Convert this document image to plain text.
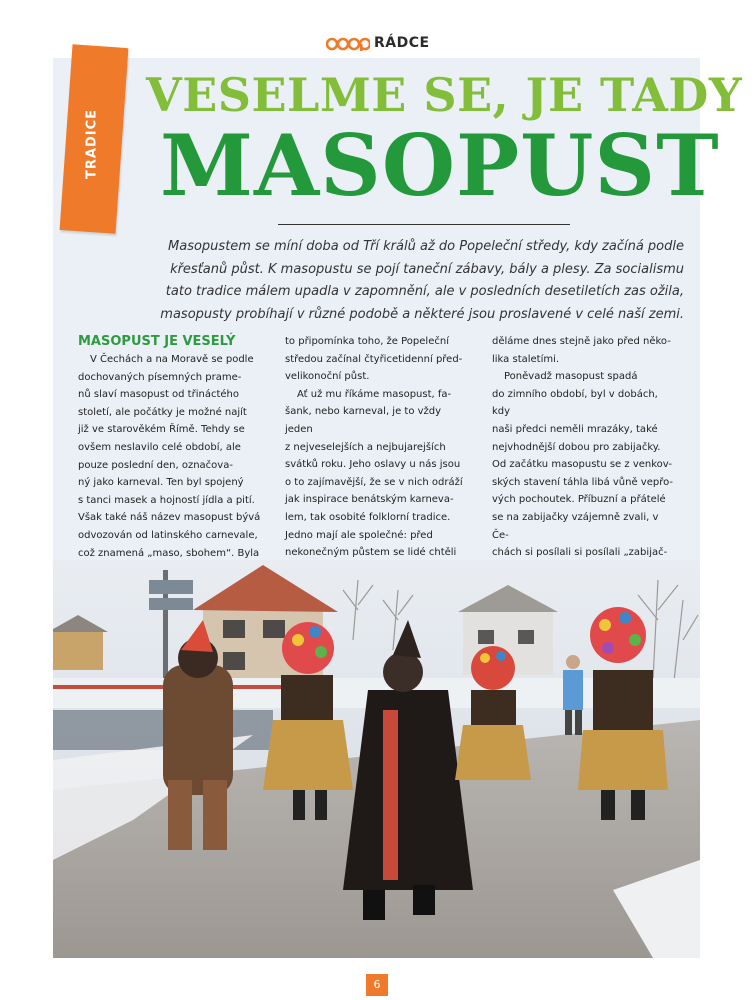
RÁDCE
TRADICE
VESELME SE, JE TADY
MASOPUST
Masopustem se míní doba od Tří králů až do Popeleční středy, kdy začíná podle
křesťanů půst. K masopustu se pojí taneční zábavy, bály a plesy. Za socialismu
tato tradice málem upadla v zapomnění, ale v posledních desetiletích zas ožila,
masopusty probíhají v různé podobě a některé jsou proslavené v celé naší zemi.
MASOPUST JE VESELÝ

V Čechách a na Moravě se podle

dochovaných písemných prame-

nů slaví masopust od třináctého

století, ale počátky je možné najít

již ve starověkém Římě. Tehdy se

ovšem neslavilo celé období, ale

pouze poslední den, označova-

ný jako karneval. Ten byl spojený

s tanci masek a hojností jídla a pití.

Však také náš název masopust bývá

odvozován od latinského carnevale,

což znamená „maso, sbohem“. Byla

to připomínka toho, že Popeleční

středou začínal čtyřicetidenní před-

velikonoční půst.

Ať už mu říkáme masopust, fa-

šank, nebo karneval, je to vždy jeden

z nejveselejších a nejbujarejších

svátků roku. Jeho oslavy u nás jsou

o to zajímavější, že se v nich odráží

jak inspirace benátským karneva-

lem, tak osobité folklorní tradice.

Jedno mají ale společné: před

nekonečným půstem se lidé chtěli

děláme dnes stejně jako před něko-

lika staletími.

Poněvadž masopust spadá

do zimního období, byl v dobách, kdy

naši předci neměli mrazáky, také

nejvhodnější dobou pro zabijačky.

Od začátku masopustu se z venkov-

ských stavení táhla libá vůně vepřo-

vých pochoutek. Příbuzní a přátelé

se na zabijačky vzájemně zvali, v Če-

chách si posílali si posílali „zabijač-

6
